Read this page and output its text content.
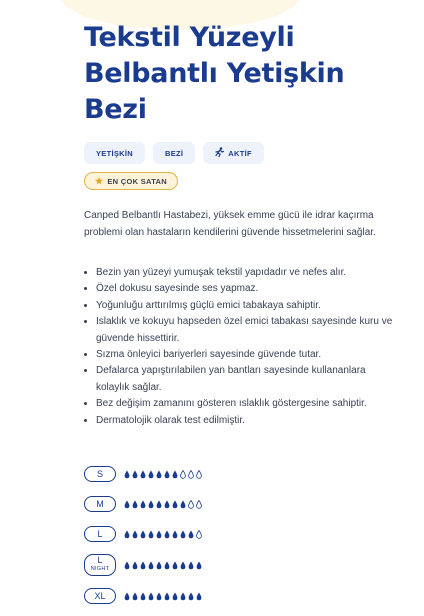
Tekstil Yüzeyli Belbantlı Yetişkin Bezi
YETİŞKİN	BEZİ	AKTİF
★ EN ÇOK SATAN

Canped Belbantlı Hastabezi, yüksek emme gücü ile idrar kaçırma problemi olan hastaların kendilerini güvende hissetmelerini sağlar.

• Bezin yan yüzeyi yumuşak tekstil yapıdadır ve nefes alır.
• Özel dokusu sayesinde ses yapmaz.
• Yoğunluğu arttırılmış güçlü emici tabakaya sahiptir.
• Islaklık ve kokuyu hapseden özel emici tabakası sayesinde kuru ve güvende hissettirir.
• Sızma önleyici bariyerleri sayesinde güvende tutar.
• Defalarca yapıştırılabilen yan bantları sayesinde kullananlara kolaylık sağlar.
• Bez değişim zamanını gösteren ıslaklık göstergesine sahiptir.
• Dermatolojik olarak test edilmiştir.
S
M
L
L
NIGHT
XL
